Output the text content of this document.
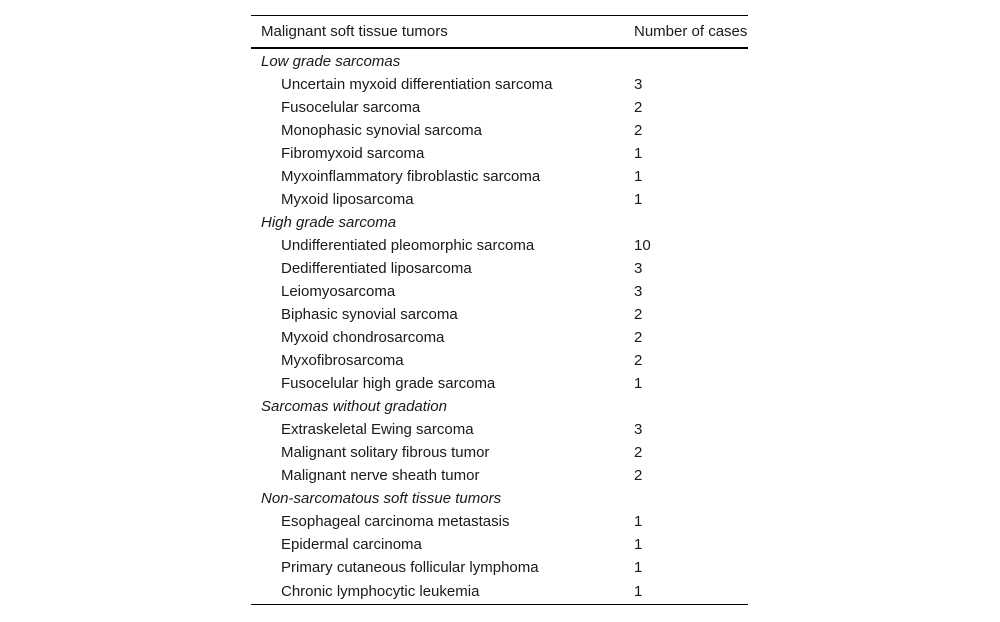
Malignant soft tissue tumors	Number of cases
Low grade sarcomas	
Uncertain myxoid differentiation sarcoma	3
Fusocelular sarcoma	2
Monophasic synovial sarcoma	2
Fibromyxoid sarcoma	1
Myxoinflammatory fibroblastic sarcoma	1
Myxoid liposarcoma	1
High grade sarcoma	
Undifferentiated pleomorphic sarcoma	10
Dedifferentiated liposarcoma	3
Leiomyosarcoma	3
Biphasic synovial sarcoma	2
Myxoid chondrosarcoma	2
Myxofibrosarcoma	2
Fusocelular high grade sarcoma	1
Sarcomas without gradation	
Extraskeletal Ewing sarcoma	3
Malignant solitary fibrous tumor	2
Malignant nerve sheath tumor	2
Non-sarcomatous soft tissue tumors	
Esophageal carcinoma metastasis	1
Epidermal carcinoma	1
Primary cutaneous follicular lymphoma	1
Chronic lymphocytic leukemia	1
